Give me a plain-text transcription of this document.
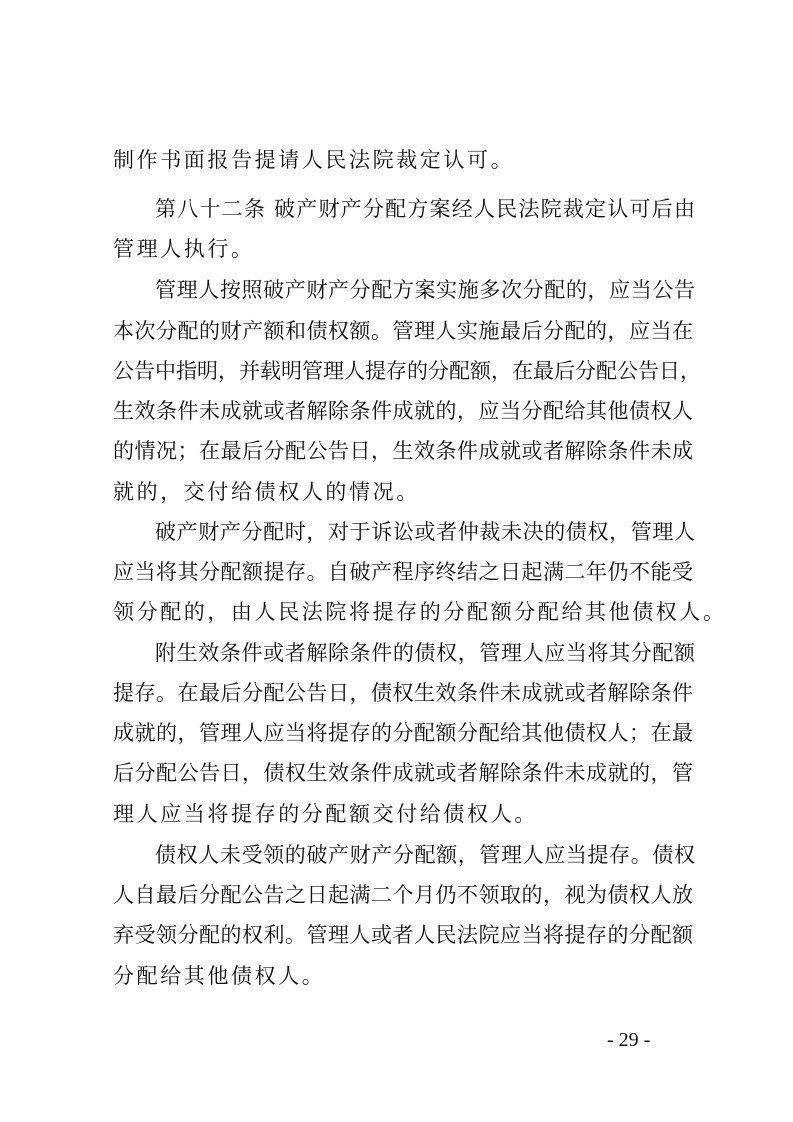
制作书面报告提请人民法院裁定认可。
第八十二条 破产财产分配方案经人民法院裁定认可后由
管理人执行。
管理人按照破产财产分配方案实施多次分配的，应当公告
本次分配的财产额和债权额。管理人实施最后分配的，应当在
公告中指明，并载明管理人提存的分配额，在最后分配公告日，
生效条件未成就或者解除条件成就的，应当分配给其他债权人
的情况；在最后分配公告日，生效条件成就或者解除条件未成
就的，交付给债权人的情况。
破产财产分配时，对于诉讼或者仲裁未决的债权，管理人
应当将其分配额提存。自破产程序终结之日起满二年仍不能受
领分配的，由人民法院将提存的分配额分配给其他债权人。
附生效条件或者解除条件的债权，管理人应当将其分配额
提存。在最后分配公告日，债权生效条件未成就或者解除条件
成就的，管理人应当将提存的分配额分配给其他债权人；在最
后分配公告日，债权生效条件成就或者解除条件未成就的，管
理人应当将提存的分配额交付给债权人。
债权人未受领的破产财产分配额，管理人应当提存。债权
人自最后分配公告之日起满二个月仍不领取的，视为债权人放
弃受领分配的权利。管理人或者人民法院应当将提存的分配额
分配给其他债权人。
- 29 -
